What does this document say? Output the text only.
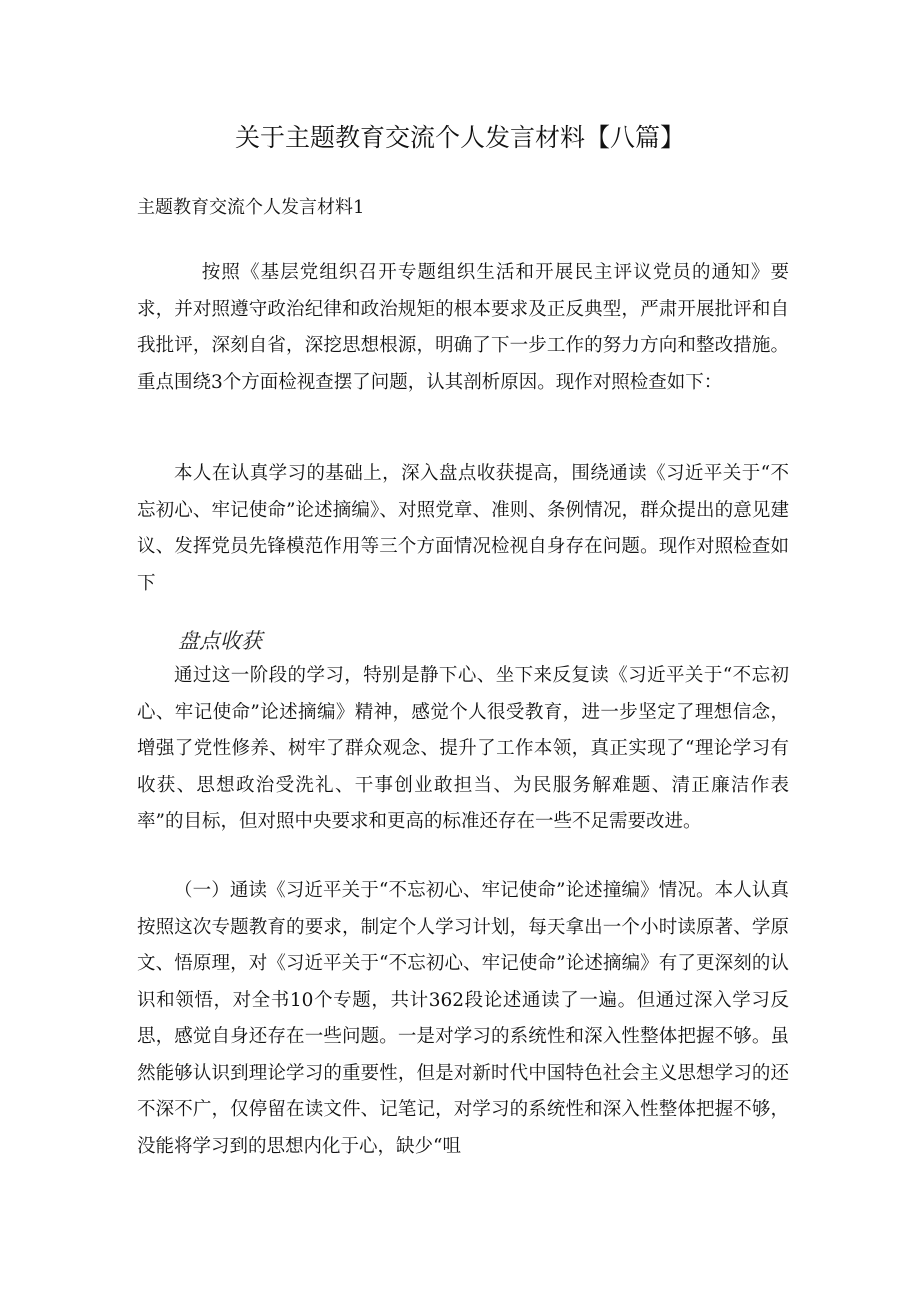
关于主题教育交流个人发言材料【八篇】

主题教育交流个人发言材料1

按照《基层党组织召开专题组织生活和开展民主评议党员的通知》要求，并对照遵守政治纪律和政治规矩的根本要求及正反典型，严肃开展批评和自我批评，深刻自省，深挖思想根源，明确了下一步工作的努力方向和整改措施。重点围绕3个方面检视查摆了问题，认其剖析原因。现作对照检查如下：

本人在认真学习的基础上，深入盘点收获提高，围绕通读《习近平关于“不忘初心、牢记使命”论述摘编》、对照党章、准则、条例情况，群众提出的意见建议、发挥党员先锋模范作用等三个方面情况检视自身存在问题。现作对照检查如下

盘点收获

通过这一阶段的学习，特别是静下心、坐下来反复读《习近平关于“不忘初心、牢记使命”论述摘编》精神，感觉个人很受教育，进一步坚定了理想信念，增强了党性修养、树牢了群众观念、提升了工作本领，真正实现了“理论学习有收获、思想政治受洗礼、干事创业敢担当、为民服务解难题、清正廉洁作表率”的目标，但对照中央要求和更高的标准还存在一些不足需要改进。

（一）通读《习近平关于“不忘初心、牢记使命”论述撞编》情况。本人认真按照这次专题教育的要求，制定个人学习计划，每天拿出一个小时读原著、学原文、悟原理，对《习近平关于“不忘初心、牢记使命”论述摘编》有了更深刻的认识和领悟，对全书10个专题，共计362段论述通读了一遍。但通过深入学习反思，感觉自身还存在一些问题。一是对学习的系统性和深入性整体把握不够。虽然能够认识到理论学习的重要性，但是对新时代中国特色社会主义思想学习的还不深不广，仅停留在读文件、记笔记，对学习的系统性和深入性整体把握不够，没能将学习到的思想内化于心，缺少“咀
